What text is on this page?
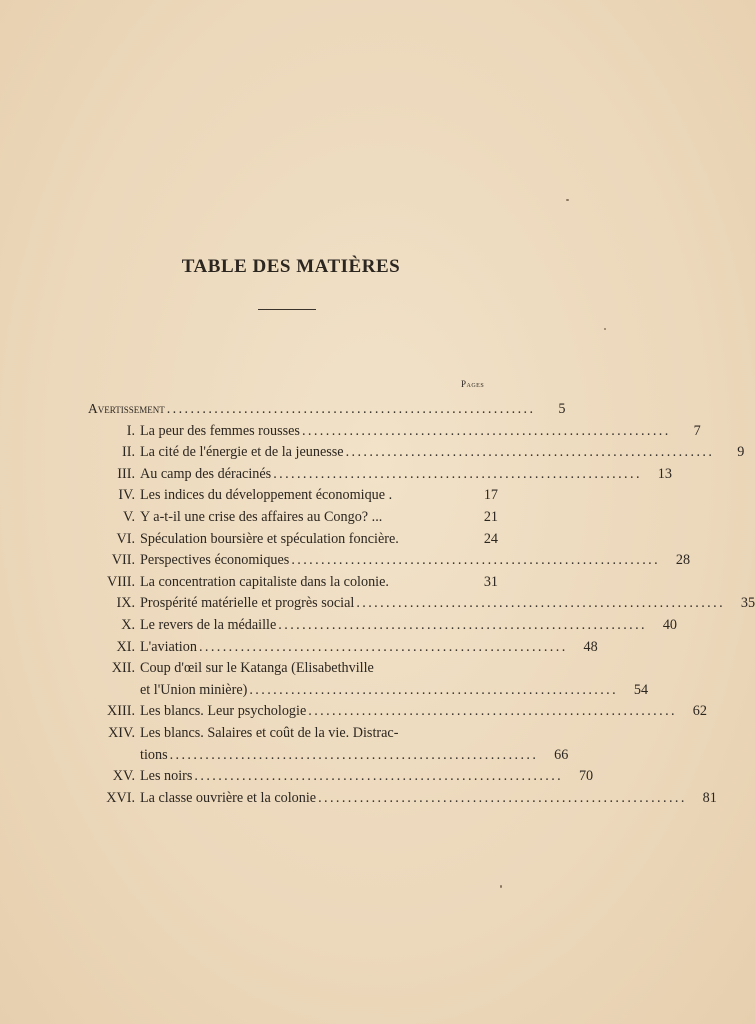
TABLE DES MATIÈRES
Pages
Avertissement ..............................................................	5
I. La peur des femmes rousses ..............................................................	7
II. La cité de l'énergie et de la jeunesse ..............................................................	9
III. Au camp des déracinés ..............................................................	13
IV. Les indices du développement économique .	17
V. Y a-t-il une crise des affaires au Congo? ...	21
VI. Spéculation boursière et spéculation foncière.	24
VII. Perspectives économiques ..............................................................	28
VIII. La concentration capitaliste dans la colonie.	31
IX. Prospérité matérielle et progrès social ..............................................................	35
X. Le revers de la médaille ..............................................................	40
XI. L'aviation ..............................................................	48
XII. Coup d'œil sur le Katanga (Elisabethville
et l'Union minière) ..............................................................	54
XIII. Les blancs. Leur psychologie ..............................................................	62
XIV. Les blancs. Salaires et coût de la vie. Distrac-
tions ..............................................................	66
XV. Les noirs ..............................................................	70
XVI. La classe ouvrière et la colonie ..............................................................	81
